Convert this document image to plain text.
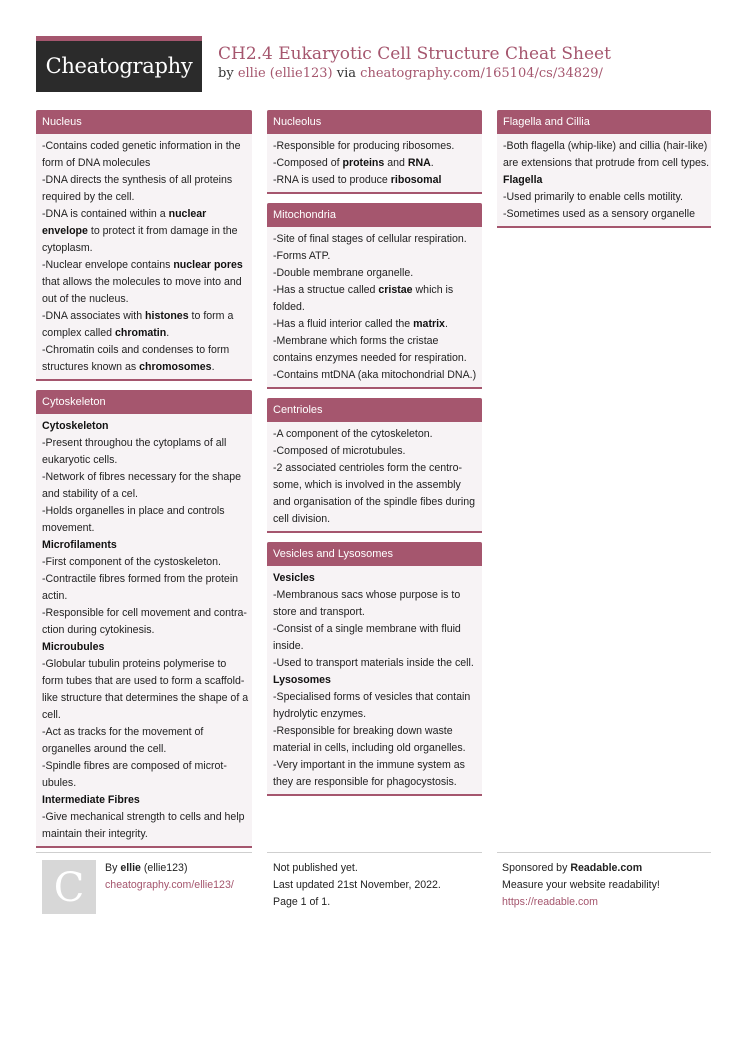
Cheatography	CH2.4 Eukaryotic Cell Structure Cheat Sheet
by ellie (ellie123) via cheatography.com/165104/cs/34829/
Nucleus
-Contains coded genetic information in the
form of DNA molecules
-DNA directs the synthesis of all proteins
required by the cell.
-DNA is contained within a nuclear
envelope to protect it from damage in the
cytoplasm.
-Nuclear envelope contains nuclear pores
that allows the molecules to move into and
out of the nucleus.
-DNA associates with histones to form a
complex called chromatin.
-Chromatin coils and condenses to form
structures known as chromosomes.
Cytoskeleton
Cytoskeleton
-Present throughou the cytoplams of all
eukaryotic cells.
-Network of fibres necessary for the shape
and stability of a cel.
-Holds organelles in place and controls
movement.
Microfilaments
-First component of the cystoskeleton.
-Contractile fibres formed from the protein
actin.
-Responsible for cell movement and contra-
ction during cytokinesis.
Microubules
-Globular tubulin proteins polymerise to
form tubes that are used to form a scaffold-
like structure that determines the shape of a
cell.
-Act as tracks for the movement of
organelles around the cell.
-Spindle fibres are composed of microt-
ubules.
Intermediate Fibres
-Give mechanical strength to cells and help
maintain their integrity.
Nucleolus
-Responsible for producing ribosomes.
-Composed of proteins and RNA.
-RNA is used to produce ribosomal
Mitochondria
-Site of final stages of cellular respiration.
-Forms ATP.
-Double membrane organelle.
-Has a structue called cristae which is
folded.
-Has a fluid interior called the matrix.
-Membrane which forms the cristae
contains enzymes needed for respiration.
-Contains mtDNA (aka mitochondrial DNA.)
Centrioles
-A component of the cytoskeleton.
-Composed of microtubules.
-2 associated centrioles form the centro-
some, which is involved in the assembly
and organisation of the spindle fibes during
cell division.
Vesicles and Lysosomes
Vesicles
-Membranous sacs whose purpose is to
store and transport.
-Consist of a single membrane with fluid
inside.
-Used to transport materials inside the cell.
Lysosomes
-Specialised forms of vesicles that contain
hydrolytic enzymes.
-Responsible for breaking down waste
material in cells, including old organelles.
-Very important in the immune system as
they are responsible for phagocystosis.
Flagella and Cillia
-Both flagella (whip-like) and cillia (hair-like)
are extensions that protrude from cell types.
Flagella
-Used primarily to enable cells motility.
-Sometimes used as a sensory organelle
C	By ellie (ellie123)
cheatography.com/ellie123/
Not published yet.
Last updated 21st November, 2022.
Page 1 of 1.
Sponsored by Readable.com
Measure your website readability!
https://readable.com
